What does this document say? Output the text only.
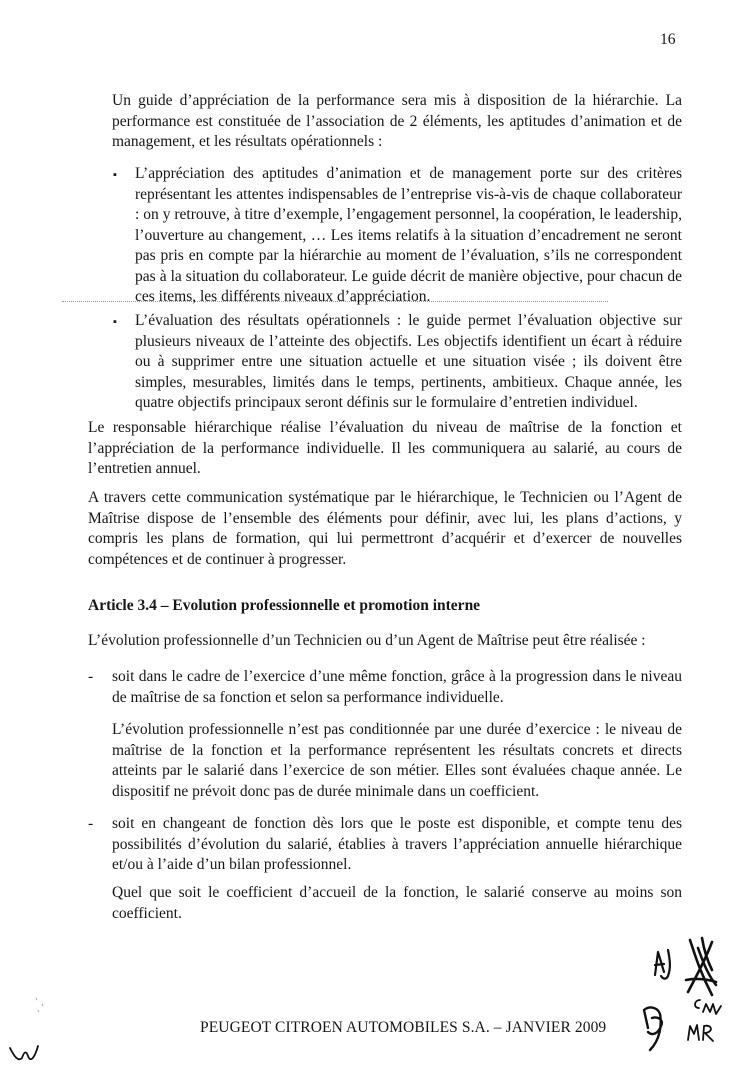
16

Un guide d’appréciation de la performance sera mis à disposition de la hiérarchie. La performance est constituée de l’association de 2 éléments, les aptitudes d’animation et de management, et les résultats opérationnels :

▪ L’appréciation des aptitudes d’animation et de management porte sur des critères représentant les attentes indispensables de l’entreprise vis-à-vis de chaque collaborateur : on y retrouve, à titre d’exemple, l’engagement personnel, la coopération, le leadership, l’ouverture au changement, … Les items relatifs à la situation d’encadrement ne seront pas pris en compte par la hiérarchie au moment de l’évaluation, s’ils ne correspondent pas à la situation du collaborateur. Le guide décrit de manière objective, pour chacun de ces items, les différents niveaux d’appréciation.

▪ L’évaluation des résultats opérationnels : le guide permet l’évaluation objective sur plusieurs niveaux de l’atteinte des objectifs. Les objectifs identifient un écart à réduire ou à supprimer entre une situation actuelle et une situation visée ; ils doivent être simples, mesurables, limités dans le temps, pertinents, ambitieux. Chaque année, les quatre objectifs principaux seront définis sur le formulaire d’entretien individuel.

Le responsable hiérarchique réalise l’évaluation du niveau de maîtrise de la fonction et l’appréciation de la performance individuelle. Il les communiquera au salarié, au cours de l’entretien annuel.

A travers cette communication systématique par le hiérarchique, le Technicien ou l’Agent de Maîtrise dispose de l’ensemble des éléments pour définir, avec lui, les plans d’actions, y compris les plans de formation, qui lui permettront d’acquérir et d’exercer de nouvelles compétences et de continuer à progresser.

Article 3.4 – Evolution professionnelle et promotion interne

L’évolution professionnelle d’un Technicien ou d’un Agent de Maîtrise peut être réalisée :

- soit dans le cadre de l’exercice d’une même fonction, grâce à la progression dans le niveau de maîtrise de sa fonction et selon sa performance individuelle.

L’évolution professionnelle n’est pas conditionnée par une durée d’exercice : le niveau de maîtrise de la fonction et la performance représentent les résultats concrets et directs atteints par le salarié dans l’exercice de son métier. Elles sont évaluées chaque année. Le dispositif ne prévoit donc pas de durée minimale dans un coefficient.

- soit en changeant de fonction dès lors que le poste est disponible, et compte tenu des possibilités d’évolution du salarié, établies à travers l’appréciation annuelle hiérarchique et/ou à l’aide d’un bilan professionnel.

Quel que soit le coefficient d’accueil de la fonction, le salarié conserve au moins son coefficient.

PEUGEOT CITROEN AUTOMOBILES S.A. – JANVIER 2009
